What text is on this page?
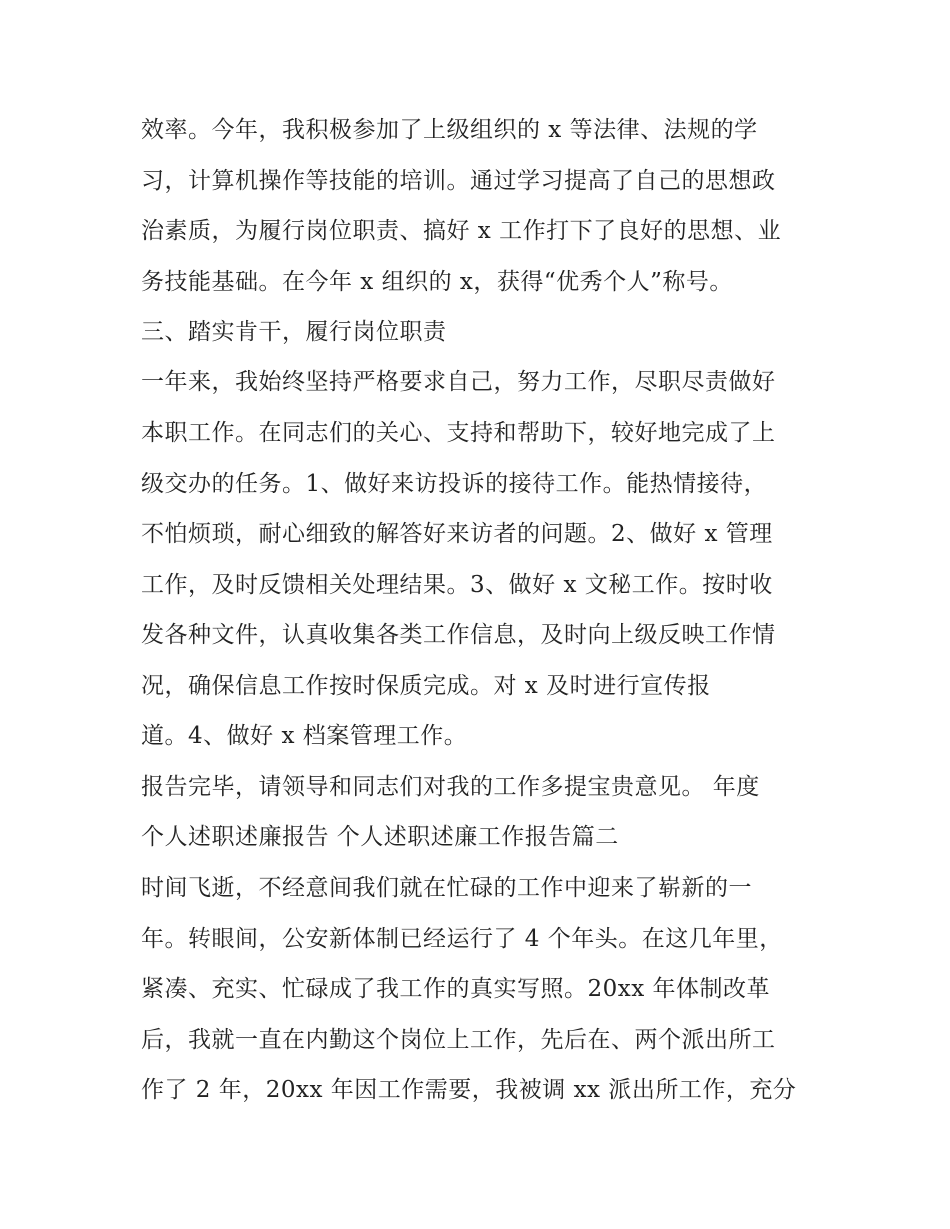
效率。今年，我积极参加了上级组织的 x 等法律、法规的学

习，计算机操作等技能的培训。通过学习提高了自己的思想政

治素质，为履行岗位职责、搞好 x 工作打下了良好的思想、业

务技能基础。在今年 x 组织的 x，获得“优秀个人”称号。

三、踏实肯干，履行岗位职责

一年来，我始终坚持严格要求自己，努力工作，尽职尽责做好

本职工作。在同志们的关心、支持和帮助下，较好地完成了上

级交办的任务。1、做好来访投诉的接待工作。能热情接待，

不怕烦琐，耐心细致的解答好来访者的问题。2、做好 x 管理

工作，及时反馈相关处理结果。3、做好 x 文秘工作。按时收

发各种文件，认真收集各类工作信息，及时向上级反映工作情

况，确保信息工作按时保质完成。对 x 及时进行宣传报

道。4、做好 x 档案管理工作。

报告完毕，请领导和同志们对我的工作多提宝贵意见。 年度

个人述职述廉报告 个人述职述廉工作报告篇二

时间飞逝，不经意间我们就在忙碌的工作中迎来了崭新的一

年。转眼间，公安新体制已经运行了 4 个年头。在这几年里，

紧凑、充实、忙碌成了我工作的真实写照。20xx 年体制改革

后，我就一直在内勤这个岗位上工作，先后在、两个派出所工

作了 2 年，20xx 年因工作需要，我被调 xx 派出所工作，充分
